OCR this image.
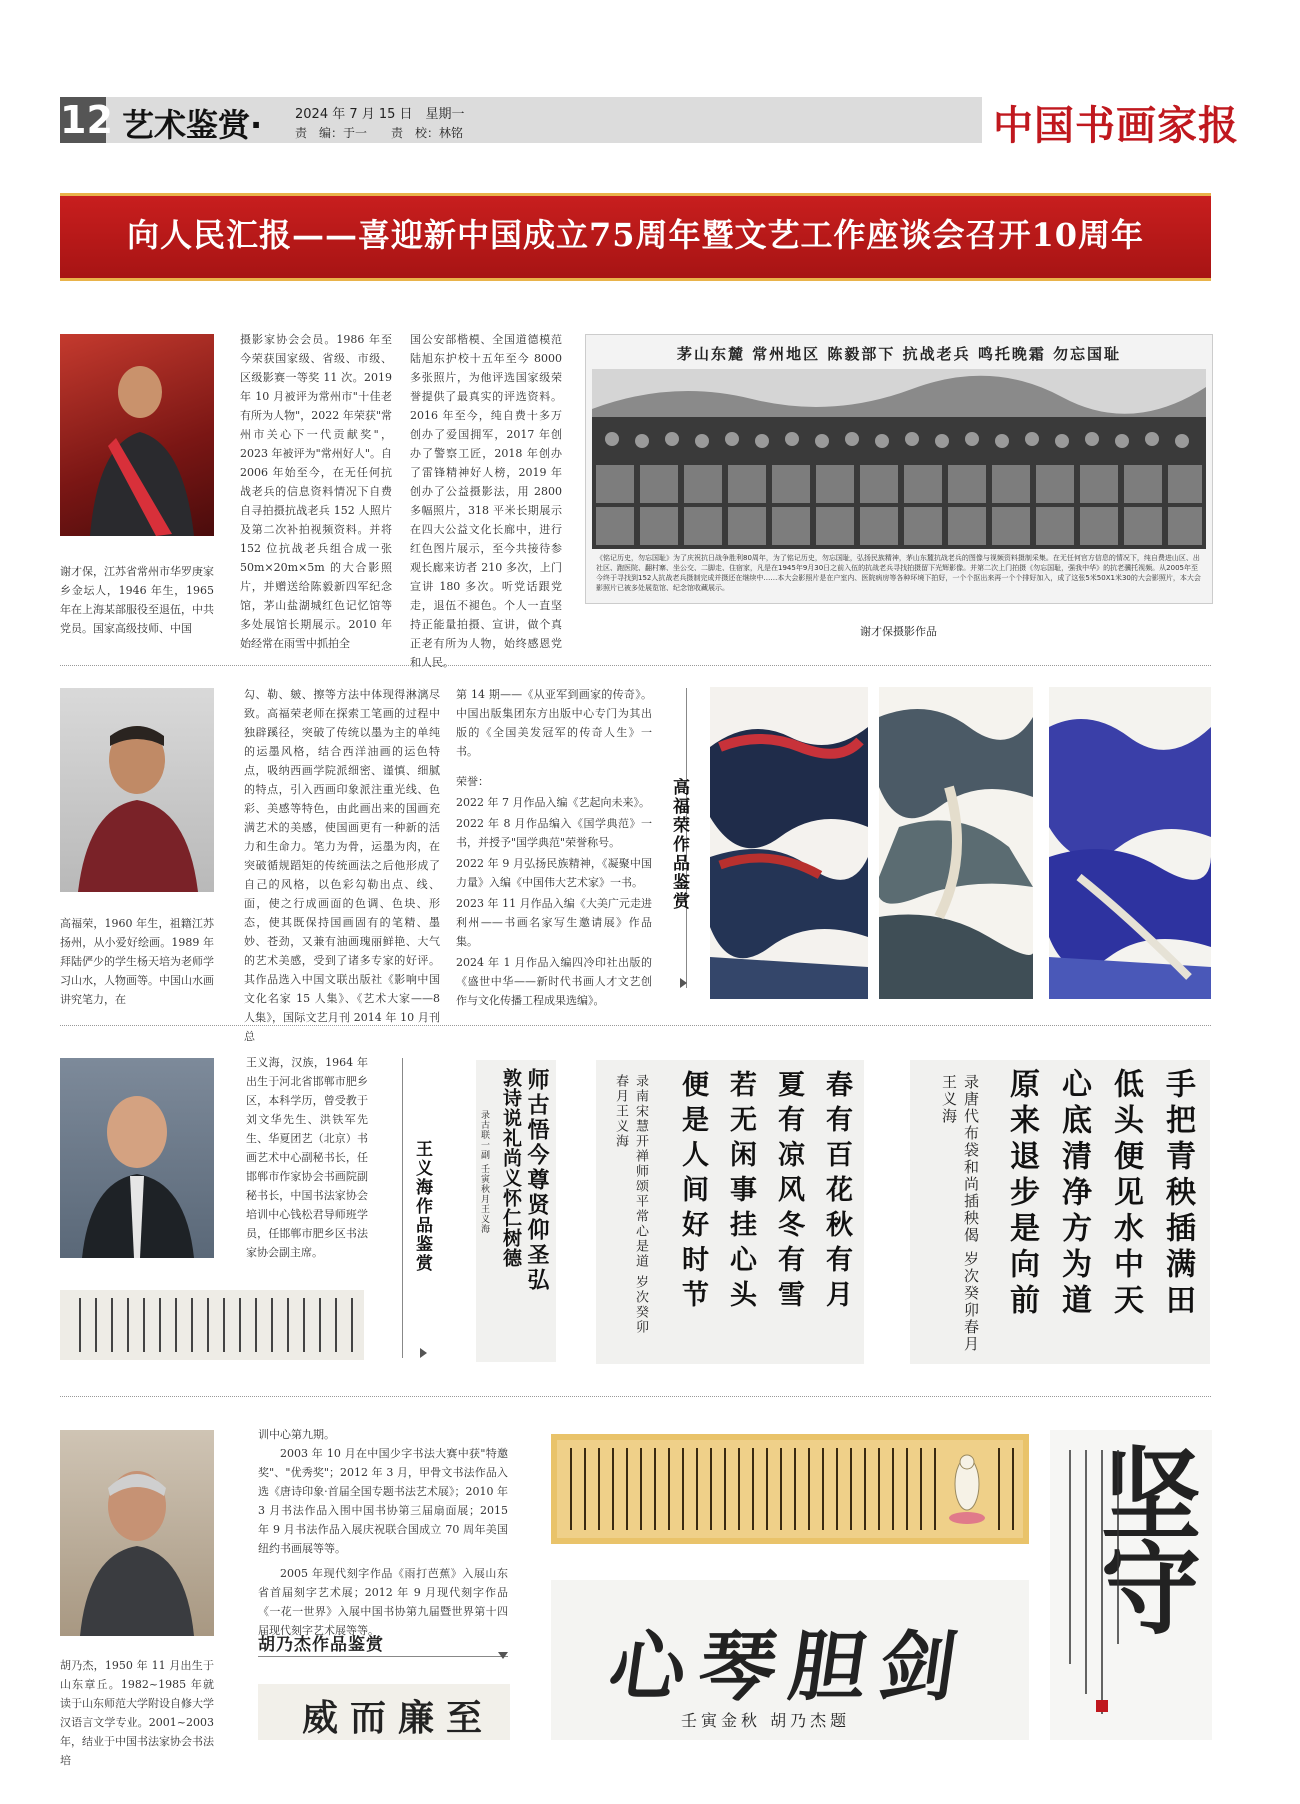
12 艺术鉴赏·	2024 年 7 月 15 日　星期一
责　编：于一　　责　校：林铭	中国书画家报
向人民汇报——喜迎新中国成立75周年暨文艺工作座谈会召开10周年
谢才保，江苏省常州市华罗庚家乡金坛人，1946 年生，1965 年在上海某部服役至退伍，中共党员。国家高级技师、中国
摄影家协会会员。1986 年至今荣获国家级、省级、市级、区级影赛一等奖 11 次。2019 年 10 月被评为常州市"十佳老有所为人物"，2022 年荣获"常州市关心下一代贡献奖"，2023 年被评为"常州好人"。自 2006 年始至今，在无任何抗战老兵的信息资料情况下自费自寻拍摄抗战老兵 152 人照片及第二次补拍视频资料。并将 152 位抗战老兵组合成一张 50m×20m×5m 的大合影照片，并赠送给陈毅新四军纪念馆，茅山盐湖城红色记忆馆等多处展馆长期展示。2010 年始经常在雨雪中抓拍全
国公安部楷模、全国道德模范陆旭东护校十五年至今 8000 多张照片，为他评选国家级荣誉提供了最真实的评选资料。2016 年至今，纯自费十多万创办了爱国拥军，2017 年创办了警察工匠，2018 年创办了雷锋精神好人榜，2019 年创办了公益摄影法，用 2800 多幅照片，318 平米长期展示在四大公益文化长廊中，进行红色图片展示，至今共接待参观长廊来访者 210 多次，上门宣讲 180 多次。听党话跟党走，退伍不褪色。个人一直坚持正能量拍摄、宣讲，做个真正老有所为人物，始终感恩党和人民。
茅山东麓 常州地区 陈毅部下 抗战老兵 鸣托晚霜 勿忘国耻
《铭记历史，勿忘国耻》为了庆祝抗日战争胜利80周年，为了铭记历史，勿忘国耻，弘扬民族精神，茅山东麓抗战老兵的图像与视频资料摄制采集。在无任何官方信息的情况下，纯自费进山区、出社区、跑医院、翻村寨、坐公交、二脚走、住宿家，凡是在1945年9月30日之前入伍的抗战老兵寻找拍摄留下光辉影像。并第二次上门拍摄《勿忘国耻，强我中华》的抗老骥托视频。从2005年至今终于寻找到152人抗战老兵摄制完成并摄还在继续中……本大会影照片是在户室内、医院病房等各种环境下拍好，一个个抠出来再一个个排好加入，成了这张5米50X1米30的大会影照片，本大会影照片已被多处展览馆、纪念馆收藏展示。
谢才保摄影作品
高福荣，1960 年生，祖籍江苏扬州，从小爱好绘画。1989 年拜陆俨少的学生杨天培为老师学习山水，人物画等。中国山水画讲究笔力，在
勾、勒、皴、擦等方法中体现得淋漓尽致。高福荣老师在探索工笔画的过程中独辟蹊径，突破了传统以墨为主的单纯的运墨风格，结合西洋油画的运色特点，吸纳西画学院派细密、谨慎、细腻的特点，引入西画印象派注重光线、色彩、美感等特色，由此画出来的国画充满艺术的美感，使国画更有一种新的活力和生命力。笔力为骨，运墨为肉，在突破循规蹈矩的传统画法之后他形成了自己的风格，以色彩勾勒出点、线、面，使之行成画面的色调、色块、形态，使其既保持国画固有的笔精、墨妙、苍劲，又兼有油画瑰丽鲜艳、大气的艺术美感，受到了诸多专家的好评。其作品选入中国文联出版社《影响中国文化名家 15 人集》、《艺术大家——8 人集》，国际文艺月刊 2014 年 10 月刊总
第 14 期——《从亚军到画家的传奇》。中国出版集团东方出版中心专门为其出版的《全国美发冠军的传奇人生》一书。
荣誉：
2022 年 7 月作品入编《艺起向未来》。
2022 年 8 月作品编入《国学典范》一书，并授予"国学典范"荣誉称号。
2022 年 9 月弘扬民族精神，《凝聚中国力量》入编《中国伟大艺术家》一书。
2023 年 11 月作品入编《大美广元走进利州——书画名家写生邀请展》作品集。
2024 年 1 月作品入编四冷印社出版的《盛世中华——新时代书画人才文艺创作与文化传播工程成果选编》。
高福荣作品鉴赏
王义海，汉族，1964 年出生于河北省邯郸市肥乡区，本科学历，曾受教于刘文华先生、洪铁军先生、华夏团艺（北京）书画艺术中心副秘书长，任邯郸市作家协会书画院副秘书长，中国书法家协会培训中心钱松君导师班学员，任邯郸市肥乡区书法家协会副主席。	王义海作品鉴赏	师古悟今尊贤仰圣弘
敦诗说礼尚义怀仁树德
录古联一副 壬寅秋月王义海	春有百花秋有月
夏有凉风冬有雪
若无闲事挂心头
便是人间好时节
录南宋慧开禅师颂平常心是道 岁次癸卯春月王义海	手把青秧插满田
低头便见水中天
心底清净方为道
原来退步是向前
录唐代布袋和尚插秧偈 岁次癸卯春月王义海
胡乃杰，1950 年 11 月出生于山东章丘。1982~1985 年就读于山东师范大学附设自修大学汉语言文学专业。2001~2003 年，结业于中国书法家协会书法培
训中心第九期。
2003 年 10 月在中国少字书法大赛中获"特邀奖"、"优秀奖"；2012 年 3 月，甲骨文书法作品入选《唐诗印象·首届全国专题书法艺术展》；2010 年 3 月书法作品入围中国书协第三届扇面展；2015 年 9 月书法作品入展庆祝联合国成立 70 周年美国纽约书画展等等。
2005 年现代刻字作品《雨打芭蕉》入展山东省首届刻字艺术展；2012 年 9 月现代刻字作品《一花一世界》入展中国书协第九届暨世界第十四届现代刻字艺术展等等。
胡乃杰作品鉴赏
至廉而威
剑胆琴心
壬寅金秋 胡乃杰题
坚守
